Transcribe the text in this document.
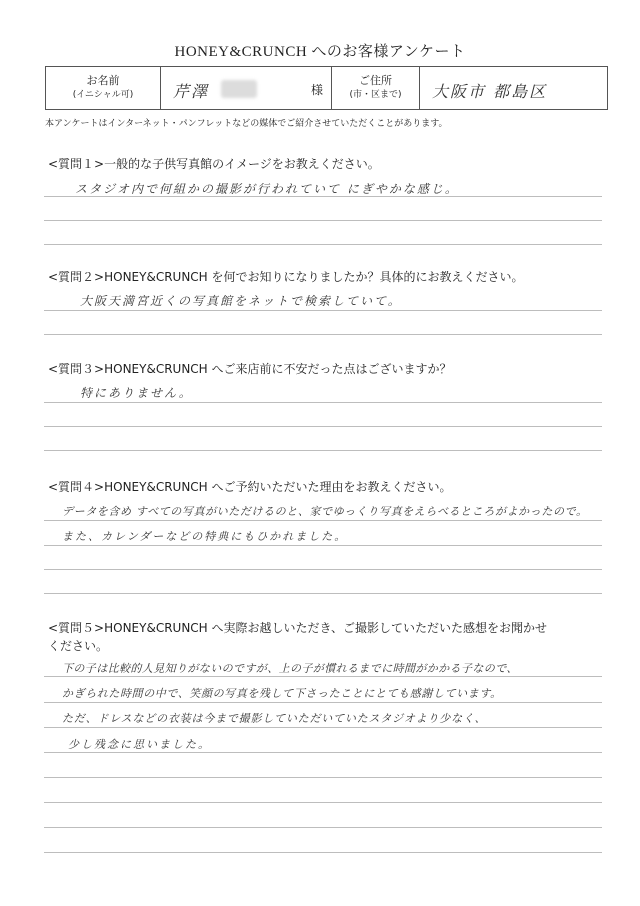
HONEY&CRUNCH へのお客様アンケート
お名前
(イニシャル可)	芹澤	様

ご住所
(市・区まで)	大阪市 都島区
本アンケートはインターネット・パンフレットなどの媒体でご紹介させていただくことがあります。
<質問１>一般的な子供写真館のイメージをお教えください。
スタジオ内で何組かの撮影が行われていて にぎやかな感じ。
<質問２>HONEY&CRUNCH を何でお知りになりましたか？具体的にお教えください。
大阪天満宮近くの写真館をネットで検索していて。
<質問３>HONEY&CRUNCH へご来店前に不安だった点はございますか？
特にありません。
<質問４>HONEY&CRUNCH へご予約いただいた理由をお教えください。
データを含め すべての写真がいただけるのと、家でゆっくり写真をえらべるところがよかったので。
また、カレンダーなどの特典にもひかれました。
<質問５>HONEY&CRUNCH へ実際お越しいただき、ご撮影していただいた感想をお聞かせ
ください。
下の子は比較的人見知りがないのですが、上の子が慣れるまでに時間がかかる子なので、
かぎられた時間の中で、笑顔の写真を残して下さったことにとても感謝しています。
ただ、ドレスなどの衣装は今まで撮影していただいていたスタジオより少なく、
少し残念に思いました。
